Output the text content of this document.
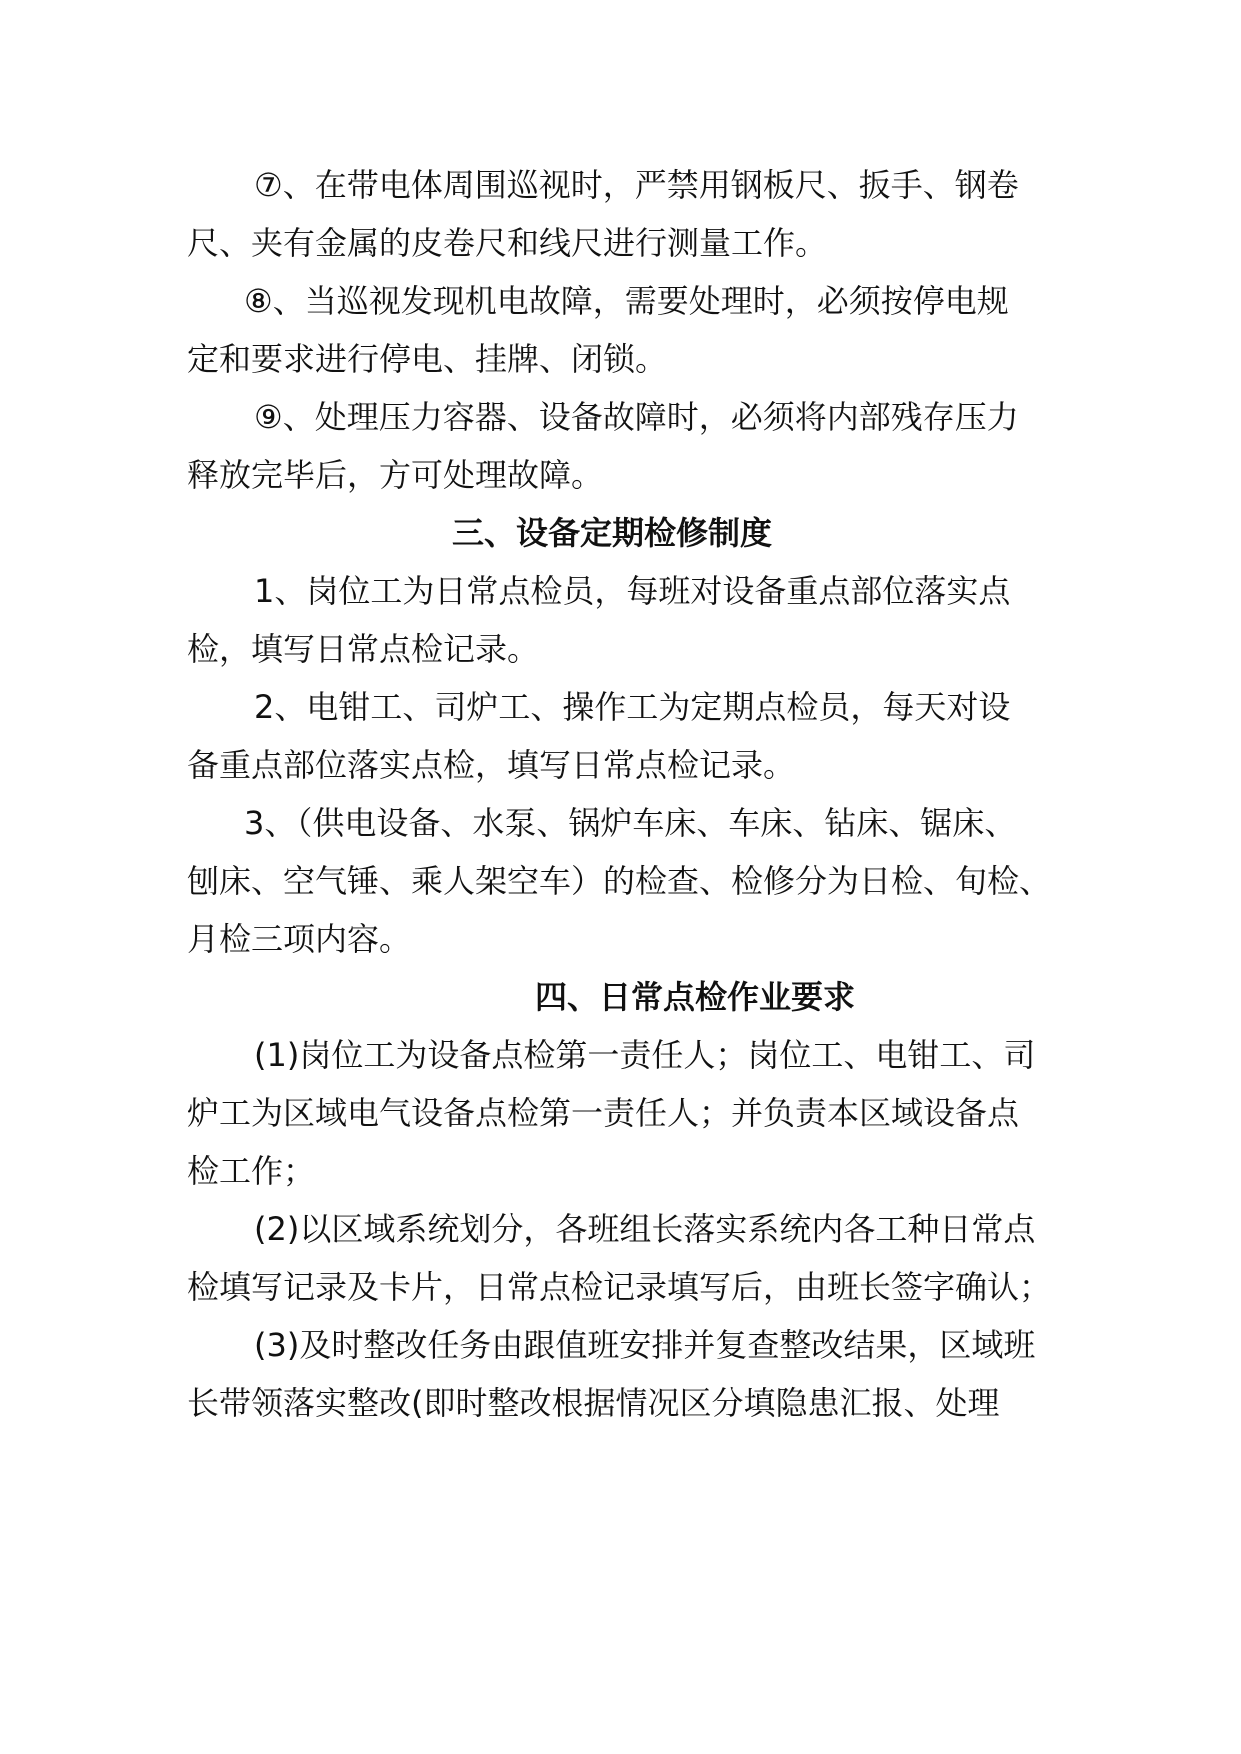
⑦、在带电体周围巡视时，严禁用钢板尺、扳手、钢卷
尺、夹有金属的皮卷尺和线尺进行测量工作。
⑧、当巡视发现机电故障，需要处理时，必须按停电规
定和要求进行停电、挂牌、闭锁。
⑨、处理压力容器、设备故障时，必须将内部残存压力
释放完毕后，方可处理故障。
三、设备定期检修制度
1、岗位工为日常点检员，每班对设备重点部位落实点
检，填写日常点检记录。
2、电钳工、司炉工、操作工为定期点检员，每天对设
备重点部位落实点检，填写日常点检记录。
3、（供电设备、水泵、锅炉车床、车床、钻床、锯床、
刨床、空气锤、乘人架空车）的检查、检修分为日检、旬检、
月检三项内容。
四、日常点检作业要求
(1)岗位工为设备点检第一责任人；岗位工、电钳工、司
炉工为区域电气设备点检第一责任人；并负责本区域设备点
检工作；
(2)以区域系统划分，各班组长落实系统内各工种日常点
检填写记录及卡片，日常点检记录填写后，由班长签字确认；
(3)及时整改任务由跟值班安排并复查整改结果，区域班
长带领落实整改(即时整改根据情况区分填隐患汇报、处理
